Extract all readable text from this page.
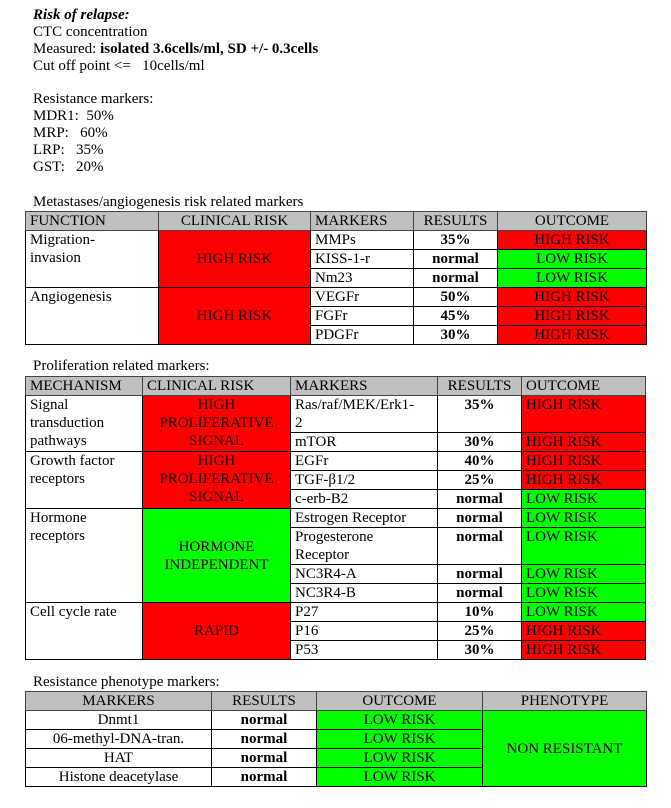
Risk of relapse:
CTC concentration
Measured: isolated 3.6cells/ml, SD +/- 0.3cells
Cut off point <=   10cells/ml
Resistance markers:
MDR1: 50%
MRP: 60%
LRP: 35%
GST: 20%
Metastases/angiogenesis risk related markers
FUNCTION	CLINICAL RISK	MARKERS	RESULTS	OUTCOME
Migration-
invasion	HIGH RISK	MMPs	35%	HIGH RISK
		KISS-1-r	normal	LOW RISK
		Nm23	normal	LOW RISK
Angiogenesis	HIGH RISK	VEGFr	50%	HIGH RISK
		FGFr	45%	HIGH RISK
		PDGFr	30%	HIGH RISK
Proliferation related markers:
MECHANISM	CLINICAL RISK	MARKERS	RESULTS	OUTCOME
Signal
transduction
pathways	HIGH
PROLIFERATIVE
SIGNAL	Ras/raf/MEK/Erk1-
2	35%	HIGH RISK
		mTOR	30%	HIGH RISK
Growth factor
receptors	HIGH
PROLIFERATIVE
SIGNAL	EGFr	40%	HIGH RISK
		TGF-β1/2	25%	HIGH RISK
		c-erb-B2	normal	LOW RISK
Hormone
receptors	HORMONE
INDEPENDENT	Estrogen Receptor	normal	LOW RISK
		Progesterone
Receptor	normal	LOW RISK
		NC3R4-A	normal	LOW RISK
		NC3R4-B	normal	LOW RISK
Cell cycle rate	RAPID	P27	10%	LOW RISK
		P16	25%	HIGH RISK
		P53	30%	HIGH RISK
Resistance phenotype markers:
MARKERS	RESULTS	OUTCOME	PHENOTYPE
Dnmt1	normal	LOW RISK	NON RESISTANT
06-methyl-DNA-tran.	normal	LOW RISK	
HAT	normal	LOW RISK	
Histone deacetylase	normal	LOW RISK	
